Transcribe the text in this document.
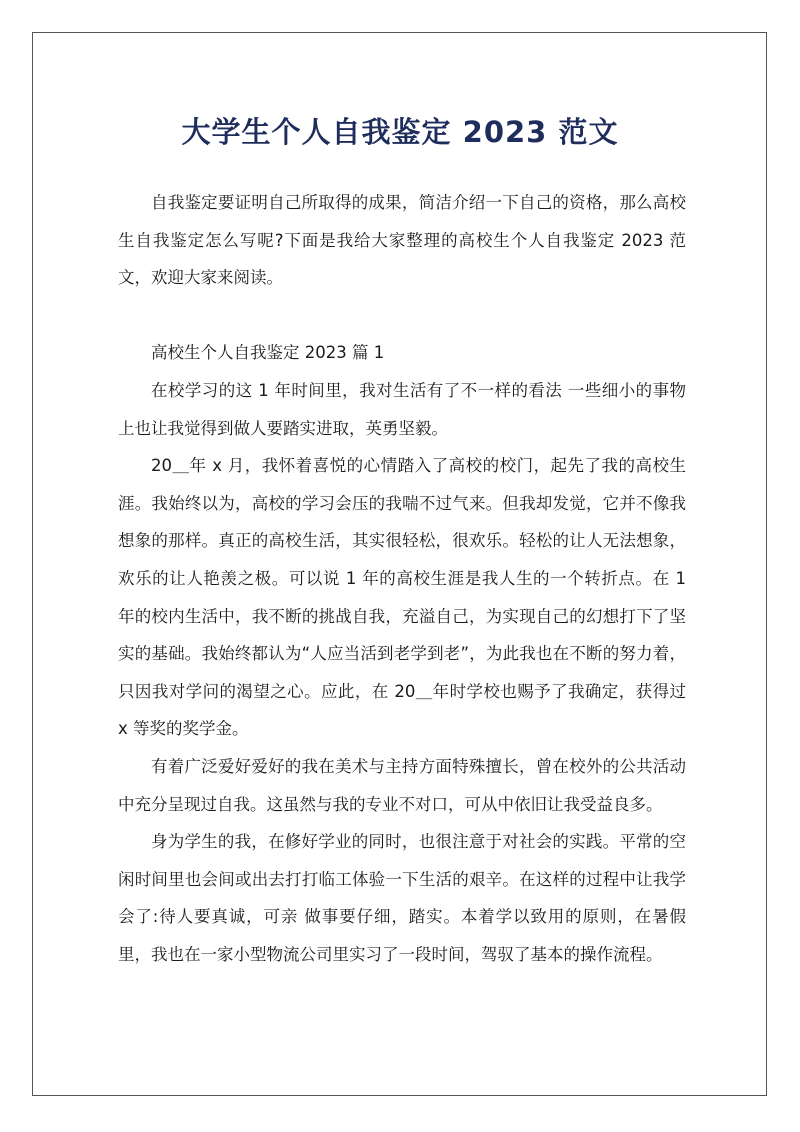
大学生个人自我鉴定 2023 范文

自我鉴定要证明自己所取得的成果，简洁介绍一下自己的资格，那么高校生自我鉴定怎么写呢?下面是我给大家整理的高校生个人自我鉴定 2023 范文，欢迎大家来阅读。

高校生个人自我鉴定 2023 篇 1

在校学习的这 1 年时间里，我对生活有了不一样的看法 一些细小的事物上也让我觉得到做人要踏实进取，英勇坚毅。

20＿年 x 月，我怀着喜悦的心情踏入了高校的校门，起先了我的高校生涯。我始终以为，高校的学习会压的我喘不过气来。但我却发觉，它并不像我想象的那样。真正的高校生活，其实很轻松，很欢乐。轻松的让人无法想象，欢乐的让人艳羡之极。可以说 1 年的高校生涯是我人生的一个转折点。在 1 年的校内生活中，我不断的挑战自我，充溢自己，为实现自己的幻想打下了坚实的基础。我始终都认为“人应当活到老学到老”，为此我也在不断的努力着，只因我对学问的渴望之心。应此，在 20＿年时学校也赐予了我确定，获得过 x 等奖的奖学金。

有着广泛爱好爱好的我在美术与主持方面特殊擅长，曾在校外的公共活动中充分呈现过自我。这虽然与我的专业不对口，可从中依旧让我受益良多。

身为学生的我，在修好学业的同时，也很注意于对社会的实践。平常的空闲时间里也会间或出去打打临工体验一下生活的艰辛。在这样的过程中让我学会了:待人要真诚，可亲 做事要仔细，踏实。本着学以致用的原则，在暑假里，我也在一家小型物流公司里实习了一段时间，驾驭了基本的操作流程。
